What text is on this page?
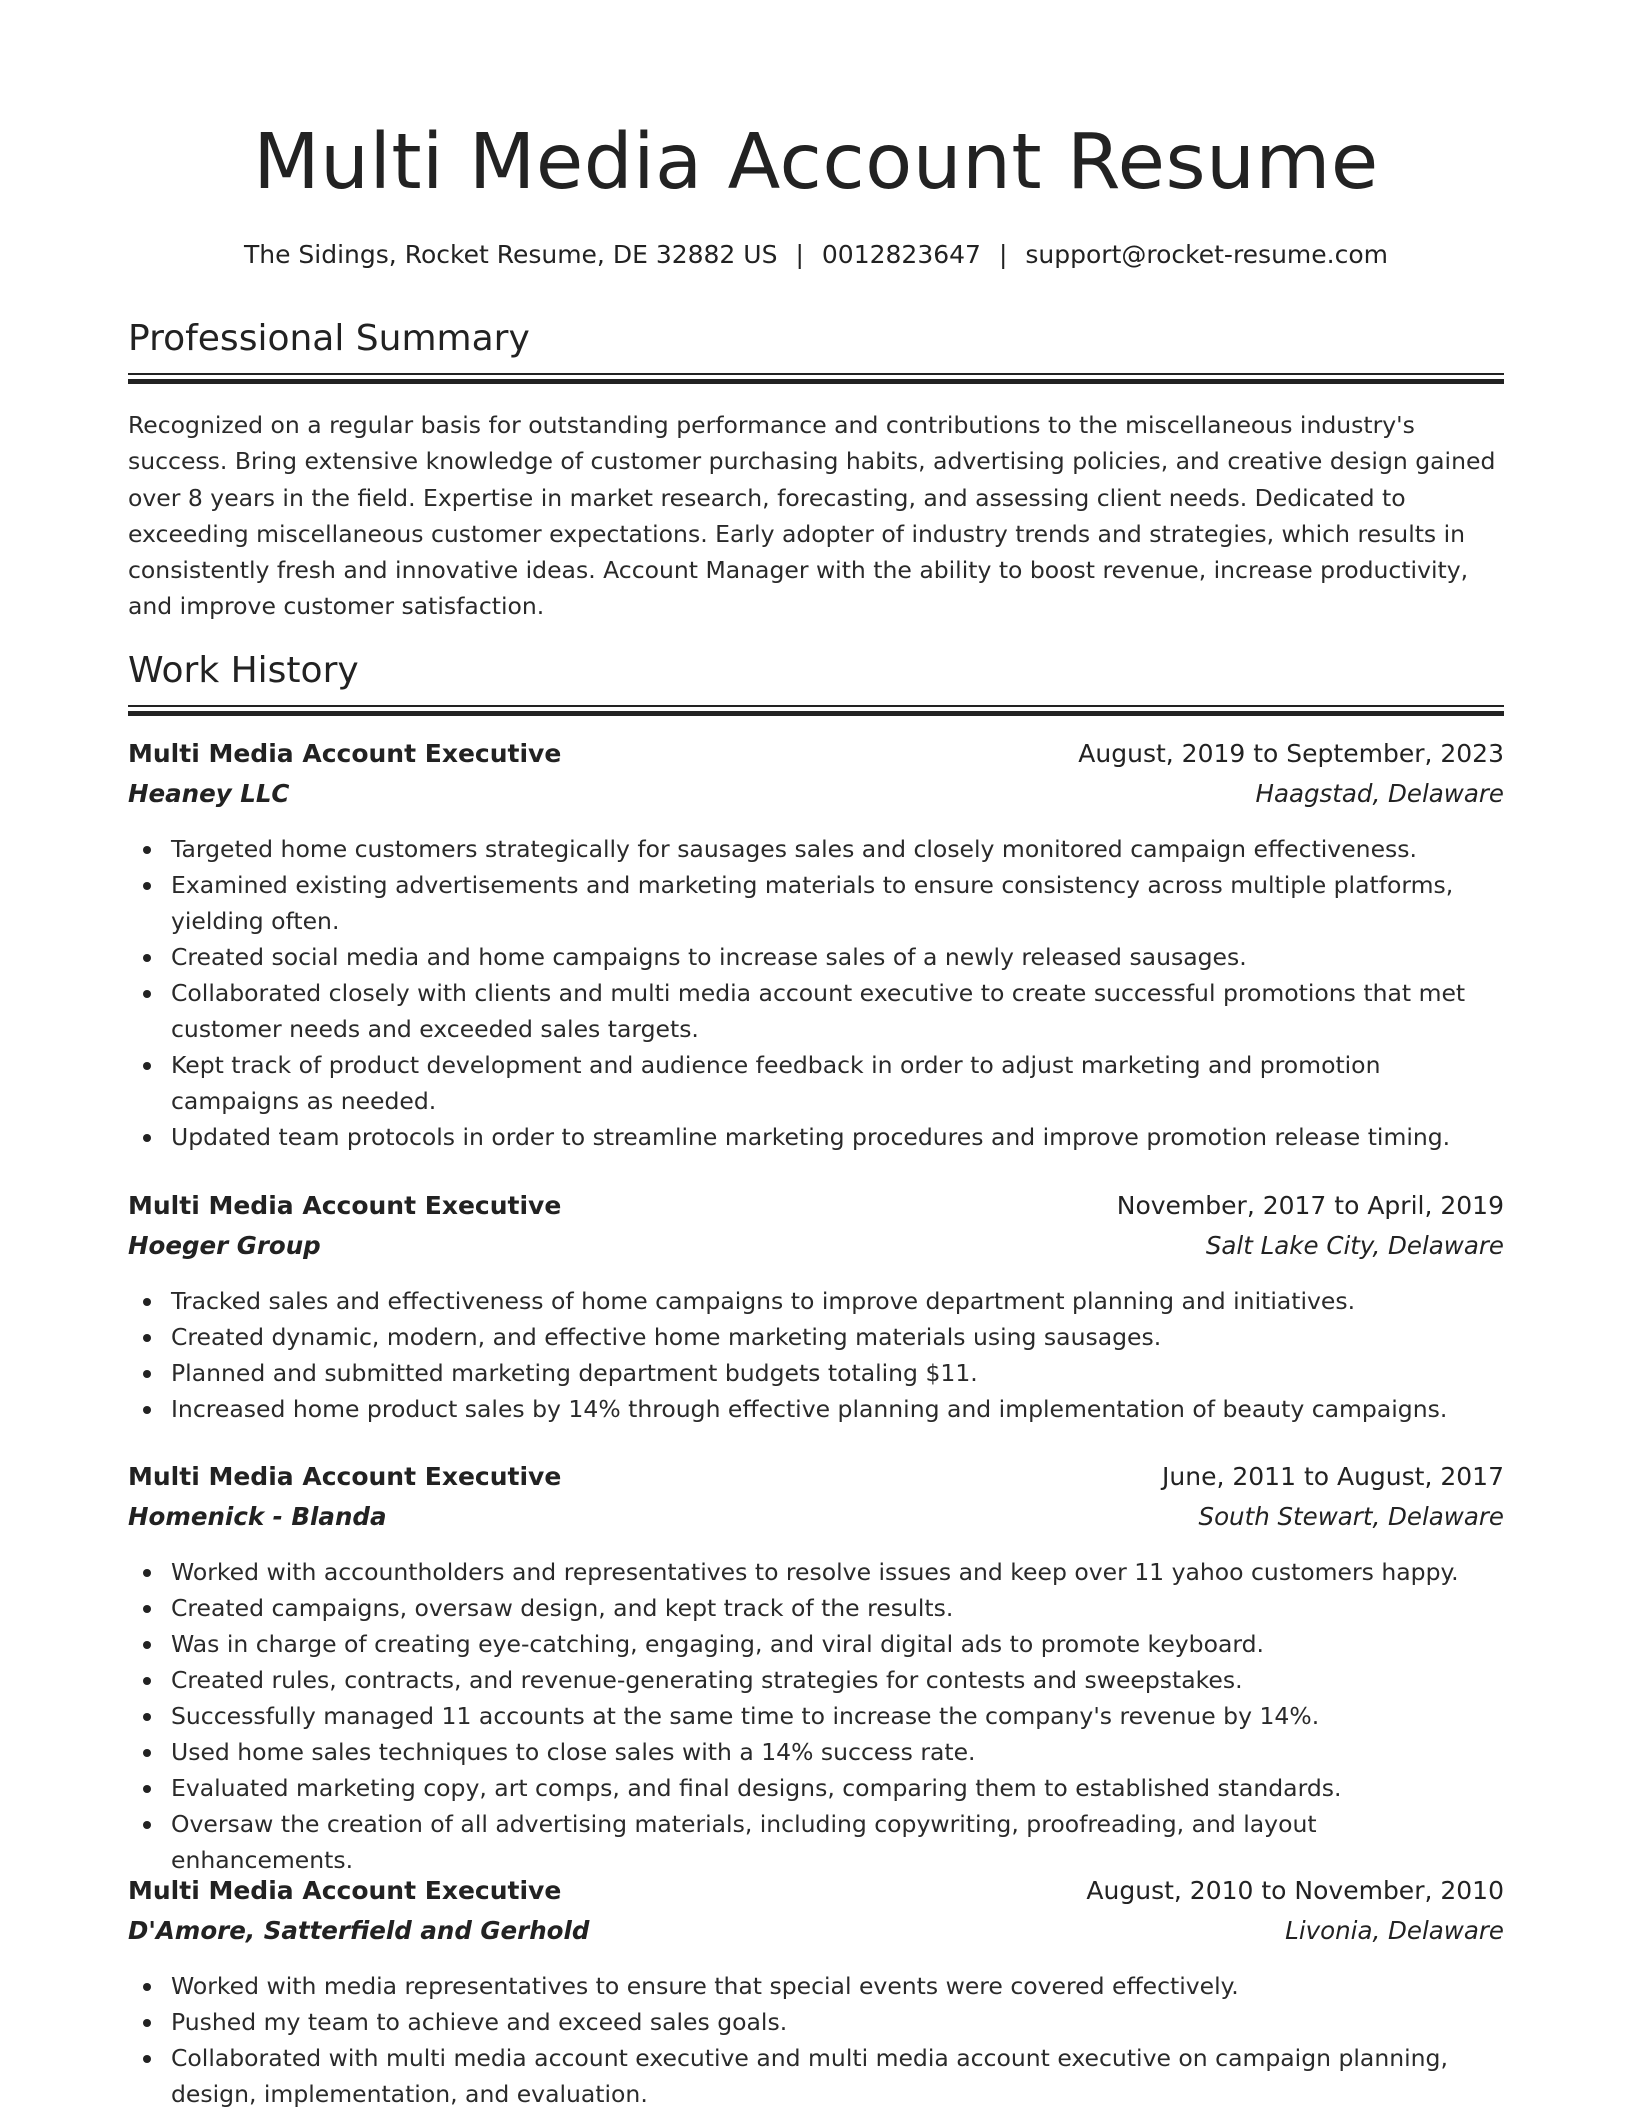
Multi Media Account Resume
The Sidings, Rocket Resume, DE 32882 US | 0012823647 | support@rocket-resume.com
Professional Summary
Recognized on a regular basis for outstanding performance and contributions to the miscellaneous industry's success. Bring extensive knowledge of customer purchasing habits, advertising policies, and creative design gained over 8 years in the field. Expertise in market research, forecasting, and assessing client needs. Dedicated to exceeding miscellaneous customer expectations. Early adopter of industry trends and strategies, which results in consistently fresh and innovative ideas. Account Manager with the ability to boost revenue, increase productivity, and improve customer satisfaction.
Work History
Multi Media Account Executive	August, 2019 to September, 2023
Heaney LLC	Haagstad, Delaware
Targeted home customers strategically for sausages sales and closely monitored campaign effectiveness.
Examined existing advertisements and marketing materials to ensure consistency across multiple platforms, yielding often.
Created social media and home campaigns to increase sales of a newly released sausages.
Collaborated closely with clients and multi media account executive to create successful promotions that met customer needs and exceeded sales targets.
Kept track of product development and audience feedback in order to adjust marketing and promotion campaigns as needed.
Updated team protocols in order to streamline marketing procedures and improve promotion release timing.
Multi Media Account Executive	November, 2017 to April, 2019
Hoeger Group	Salt Lake City, Delaware
Tracked sales and effectiveness of home campaigns to improve department planning and initiatives.
Created dynamic, modern, and effective home marketing materials using sausages.
Planned and submitted marketing department budgets totaling $11.
Increased home product sales by 14% through effective planning and implementation of beauty campaigns.
Multi Media Account Executive	June, 2011 to August, 2017
Homenick - Blanda	South Stewart, Delaware
Worked with accountholders and representatives to resolve issues and keep over 11 yahoo customers happy.
Created campaigns, oversaw design, and kept track of the results.
Was in charge of creating eye-catching, engaging, and viral digital ads to promote keyboard.
Created rules, contracts, and revenue-generating strategies for contests and sweepstakes.
Successfully managed 11 accounts at the same time to increase the company's revenue by 14%.
Used home sales techniques to close sales with a 14% success rate.
Evaluated marketing copy, art comps, and final designs, comparing them to established standards.
Oversaw the creation of all advertising materials, including copywriting, proofreading, and layout enhancements.
Multi Media Account Executive	August, 2010 to November, 2010
D'Amore, Satterfield and Gerhold	Livonia, Delaware
Worked with media representatives to ensure that special events were covered effectively.
Pushed my team to achieve and exceed sales goals.
Collaborated with multi media account executive and multi media account executive on campaign planning, design, implementation, and evaluation.
